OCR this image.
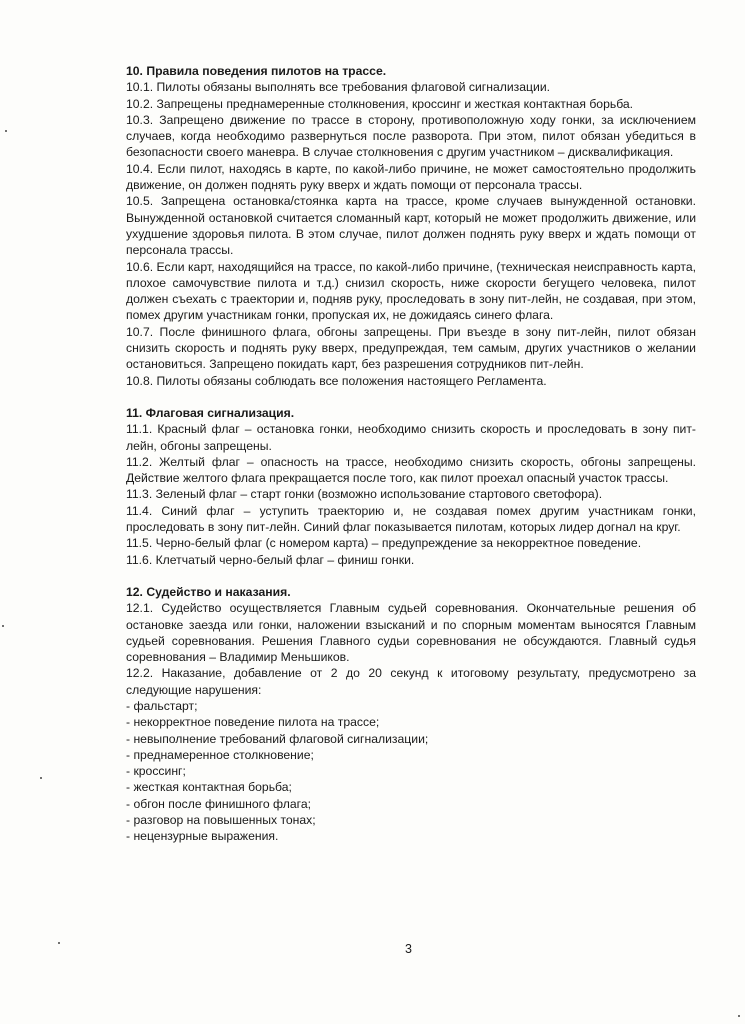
10. Правила поведения пилотов на трассе.

10.1. Пилоты обязаны выполнять все требования флаговой сигнализации.

10.2. Запрещены преднамеренные столкновения, кроссинг и жесткая контактная борьба.

10.3. Запрещено движение по трассе в сторону, противоположную ходу гонки, за исключением случаев, когда необходимо развернуться после разворота. При этом, пилот обязан убедиться в безопасности своего маневра. В случае столкновения с другим участником – дисквалификация.

10.4. Если пилот, находясь в карте, по какой-либо причине, не может самостоятельно продолжить движение, он должен поднять руку вверх и ждать помощи от персонала трассы.

10.5. Запрещена остановка/стоянка карта на трассе, кроме случаев вынужденной остановки. Вынужденной остановкой считается сломанный карт, который не может продолжить движение, или ухудшение здоровья пилота. В этом случае, пилот должен поднять руку вверх и ждать помощи от персонала трассы.

10.6. Если карт, находящийся на трассе, по какой-либо причине, (техническая неисправность карта, плохое самочувствие пилота и т.д.) снизил скорость, ниже скорости бегущего человека, пилот должен съехать с траектории и, подняв руку, проследовать в зону пит-лейн, не создавая, при этом, помех другим участникам гонки, пропуская их, не дожидаясь синего флага.

10.7. После финишного флага, обгоны запрещены. При въезде в зону пит-лейн, пилот обязан снизить скорость и поднять руку вверх, предупреждая, тем самым, других участников о желании остановиться. Запрещено покидать карт, без разрешения сотрудников пит-лейн.

10.8. Пилоты обязаны соблюдать все положения настоящего Регламента.

11. Флаговая сигнализация.

11.1. Красный флаг – остановка гонки, необходимо снизить скорость и проследовать в зону пит-лейн, обгоны запрещены.

11.2. Желтый флаг – опасность на трассе, необходимо снизить скорость, обгоны запрещены. Действие желтого флага прекращается после того, как пилот проехал опасный участок трассы.

11.3. Зеленый флаг – старт гонки (возможно использование стартового светофора).

11.4. Синий флаг – уступить траекторию и, не создавая помех другим участникам гонки, проследовать в зону пит-лейн. Синий флаг показывается пилотам, которых лидер догнал на круг.

11.5. Черно-белый флаг (с номером карта) – предупреждение за некорректное поведение.

11.6. Клетчатый черно-белый флаг – финиш гонки.

12. Судейство и наказания.

12.1. Судейство осуществляется Главным судьей соревнования. Окончательные решения об остановке заезда или гонки, наложении взысканий и по спорным моментам выносятся Главным судьей соревнования. Решения Главного судьи соревнования не обсуждаются. Главный судья соревнования – Владимир Меньшиков.

12.2. Наказание, добавление от 2 до 20 секунд к итоговому результату, предусмотрено за следующие нарушения:

- фальстарт;

- некорректное поведение пилота на трассе;

- невыполнение требований флаговой сигнализации;

- преднамеренное столкновение;

- кроссинг;

- жесткая контактная борьба;

- обгон после финишного флага;

- разговор на повышенных тонах;

- нецензурные выражения.

3
